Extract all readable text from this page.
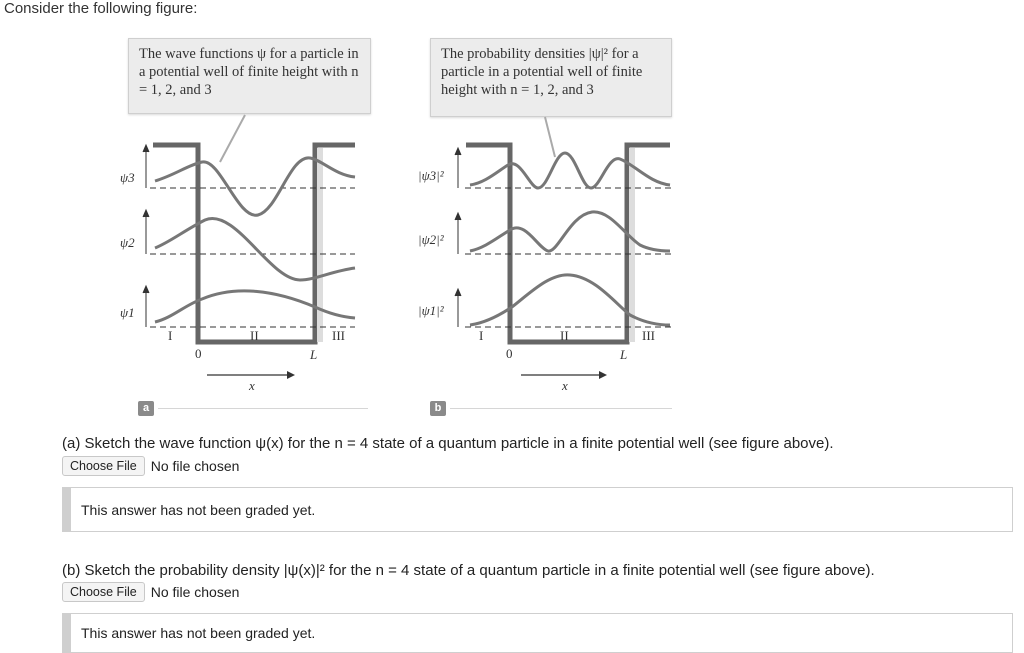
Consider the following figure:
The wave functions ψ for a particle in a potential well of finite height with n = 1, 2, and 3
The probability densities |ψ|² for a particle in a potential well of finite height with n = 1, 2, and 3
ψ3
ψ2
ψ1
I	II	III
0	L
x
|ψ3|²
|ψ2|²
|ψ1|²
I	II	III
0	L
x
a	b
(a) Sketch the wave function ψ(x) for the n = 4 state of a quantum particle in a finite potential well (see figure above).
Choose File	No file chosen
This answer has not been graded yet.
(b) Sketch the probability density |ψ(x)|² for the n = 4 state of a quantum particle in a finite potential well (see figure above).
Choose File	No file chosen
This answer has not been graded yet.
